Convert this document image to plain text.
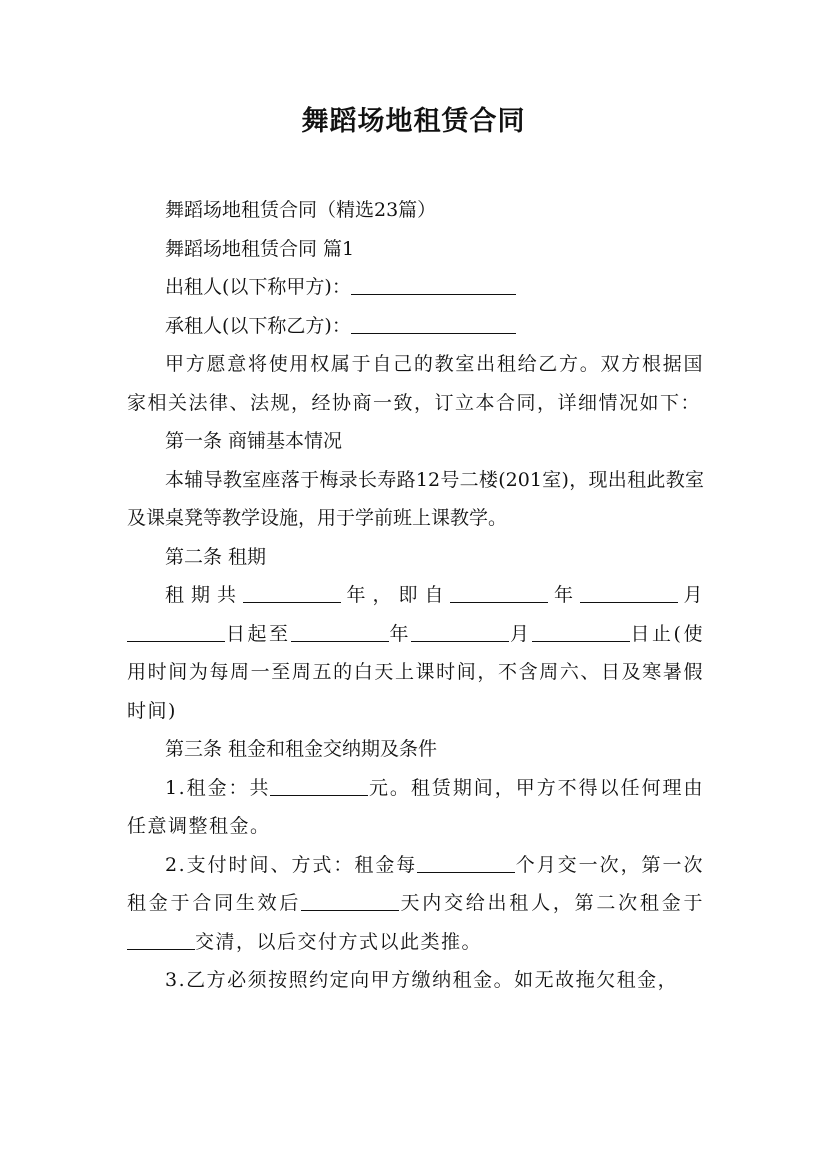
舞蹈场地租赁合同

舞蹈场地租赁合同（精选23篇）

舞蹈场地租赁合同 篇1

出租人(以下称甲方)：

承租人(以下称乙方)：

甲方愿意将使用权属于自己的教室出租给乙方。双方根据国家相关法律、法规，经协商一致，订立本合同，详细情况如下：

第一条 商铺基本情况

本辅导教室座落于梅录长寿路12号二楼(201室)，现出租此教室及课桌凳等教学设施，用于学前班上课教学。

第二条 租期

租期共	年，即自	年	月日起至	年	月	日止(使用时间为每周一至周五的白天上课时间，不含周六、日及寒暑假时间)

第三条 租金和租金交纳期及条件

1.租金：共	元。租赁期间，甲方不得以任何理由任意调整租金。

2.支付时间、方式：租金每	个月交一次，第一次租金于合同生效后	天内交给出租人，第二次租金于交清，以后交付方式以此类推。

3.乙方必须按照约定向甲方缴纳租金。如无故拖欠租金，
